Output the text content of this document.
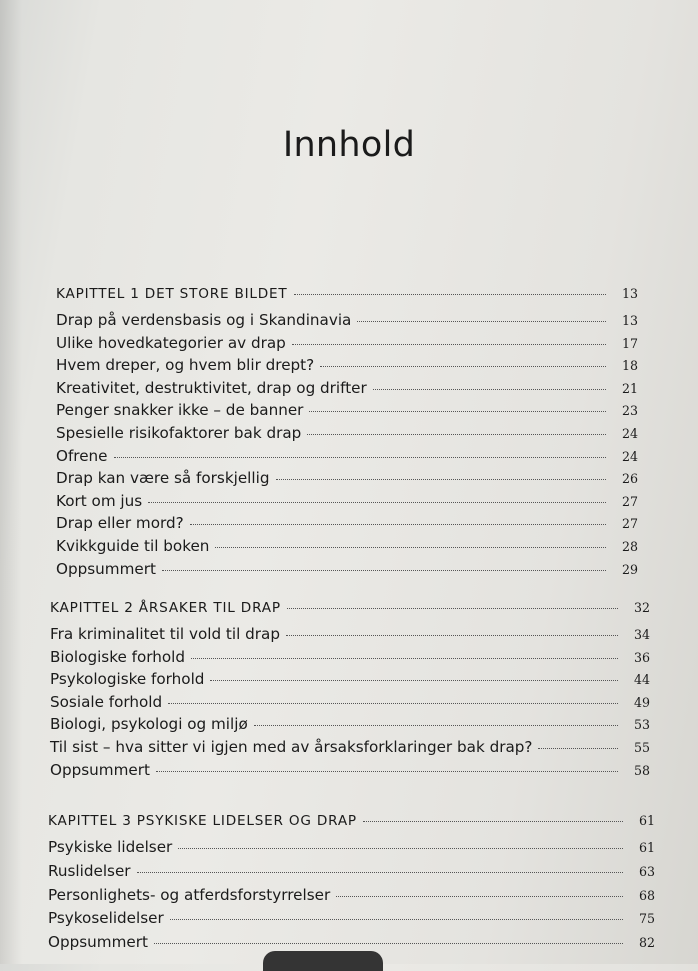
Innhold
KAPITTEL 1 DET STORE BILDET	13
Drap på verdensbasis og i Skandinavia	13
Ulike hovedkategorier av drap	17
Hvem dreper, og hvem blir drept?	18
Kreativitet, destruktivitet, drap og drifter	21
Penger snakker ikke – de banner	23
Spesielle risikofaktorer bak drap	24
Ofrene	24
Drap kan være så forskjellig	26
Kort om jus	27
Drap eller mord?	27
Kvikkguide til boken	28
Oppsummert	29
KAPITTEL 2 ÅRSAKER TIL DRAP	32
Fra kriminalitet til vold til drap	34
Biologiske forhold	36
Psykologiske forhold	44
Sosiale forhold	49
Biologi, psykologi og miljø	53
Til sist – hva sitter vi igjen med av årsaksforklaringer bak drap?	55
Oppsummert	58
KAPITTEL 3 PSYKISKE LIDELSER OG DRAP	61
Psykiske lidelser	61
Ruslidelser	63
Personlighets- og atferdsforstyrrelser	68
Psykoselidelser	75
Oppsummert	82
